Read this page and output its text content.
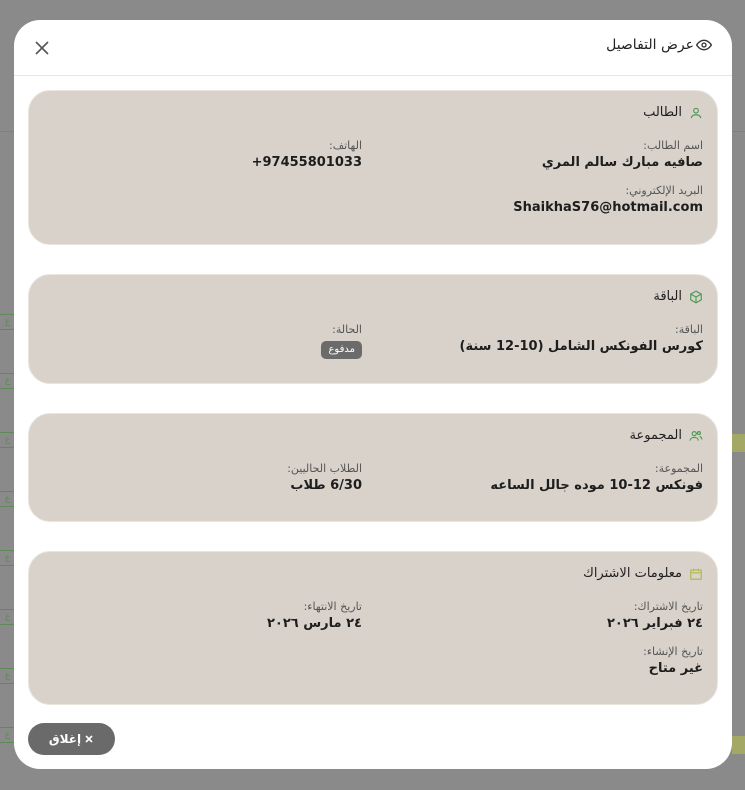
ع
ع
ع
ع
ع
ع
ع
ع
عرض التفاصيل
الطالب
اسم الطالب:
صافيه مبارك سالم المري
الهاتف:
+97455801033
البريد الإلكتروني:
ShaikhaS76@hotmail.com
الباقة
الباقة:
كورس الفونكس الشامل (10-12 سنة)
الحالة:
مدفوع
المجموعة
المجموعة:
فونكس 12-10 موده جالل الساعه
الطلاب الحاليين:
6/30 طلاب
معلومات الاشتراك
تاريخ الاشتراك:
٢٤ فبراير ٢٠٢٦
تاريخ الانتهاء:
٢٤ مارس ٢٠٢٦
تاريخ الإنشاء:
غير متاح
إغلاق
